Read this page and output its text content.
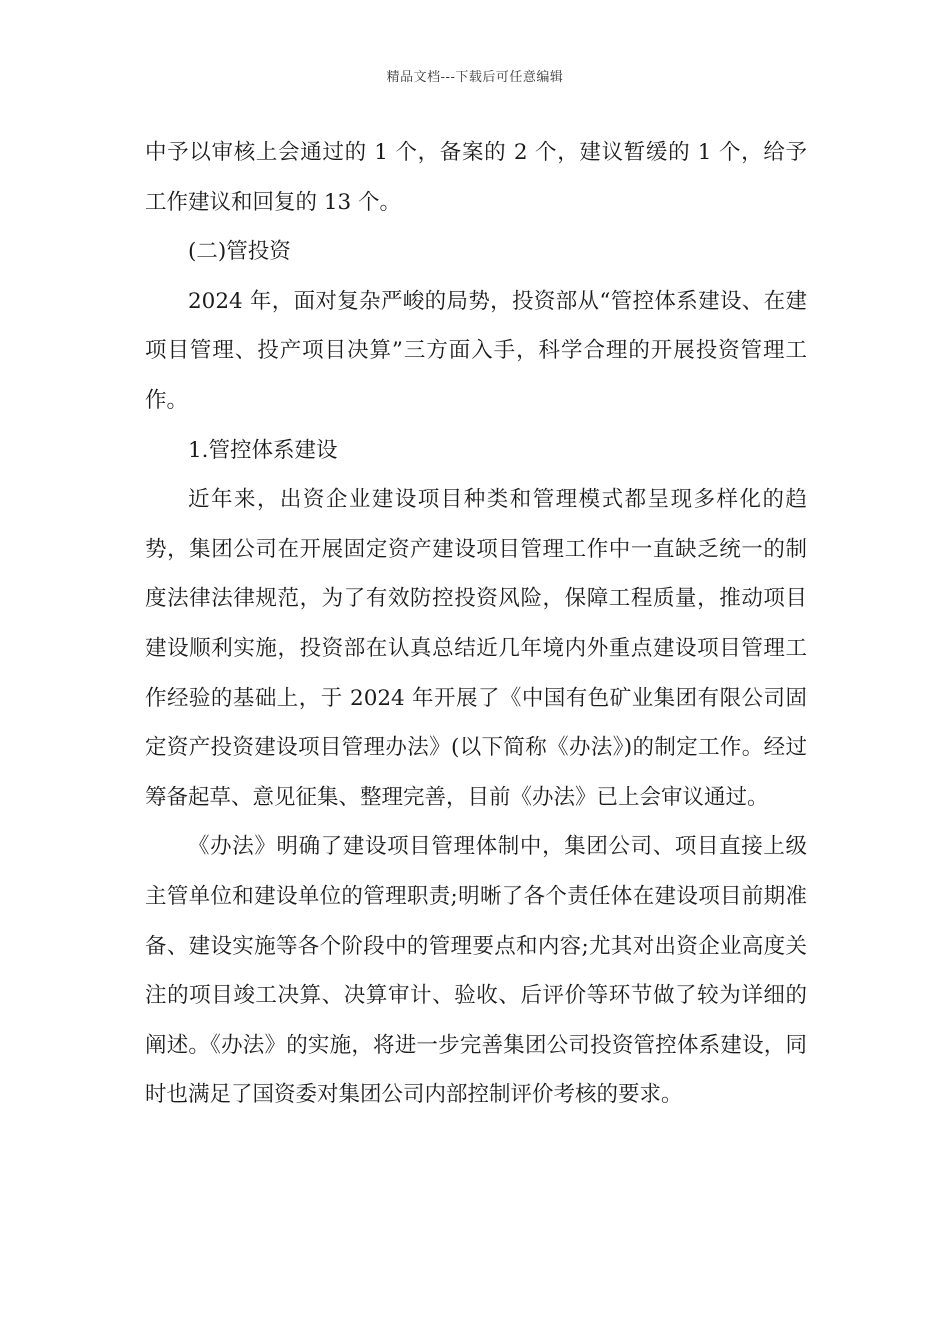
精品文档---下载后可任意编辑

中予以审核上会通过的 1 个，备案的 2 个，建议暂缓的 1 个，给予工作建议和回复的 13 个。

(二)管投资

2024 年，面对复杂严峻的局势，投资部从“管控体系建设、在建项目管理、投产项目决算”三方面入手，科学合理的开展投资管理工作。

1.管控体系建设

近年来，出资企业建设项目种类和管理模式都呈现多样化的趋势，集团公司在开展固定资产建设项目管理工作中一直缺乏统一的制度法律法律规范，为了有效防控投资风险，保障工程质量，推动项目建设顺利实施，投资部在认真总结近几年境内外重点建设项目管理工作经验的基础上，于 2024 年开展了《中国有色矿业集团有限公司固定资产投资建设项目管理办法》(以下简称《办法》)的制定工作。经过筹备起草、意见征集、整理完善，目前《办法》已上会审议通过。

《办法》明确了建设项目管理体制中，集团公司、项目直接上级主管单位和建设单位的管理职责;明晰了各个责任体在建设项目前期准备、建设实施等各个阶段中的管理要点和内容;尤其对出资企业高度关注的项目竣工决算、决算审计、验收、后评价等环节做了较为详细的阐述。《办法》的实施，将进一步完善集团公司投资管控体系建设，同时也满足了国资委对集团公司内部控制评价考核的要求。
